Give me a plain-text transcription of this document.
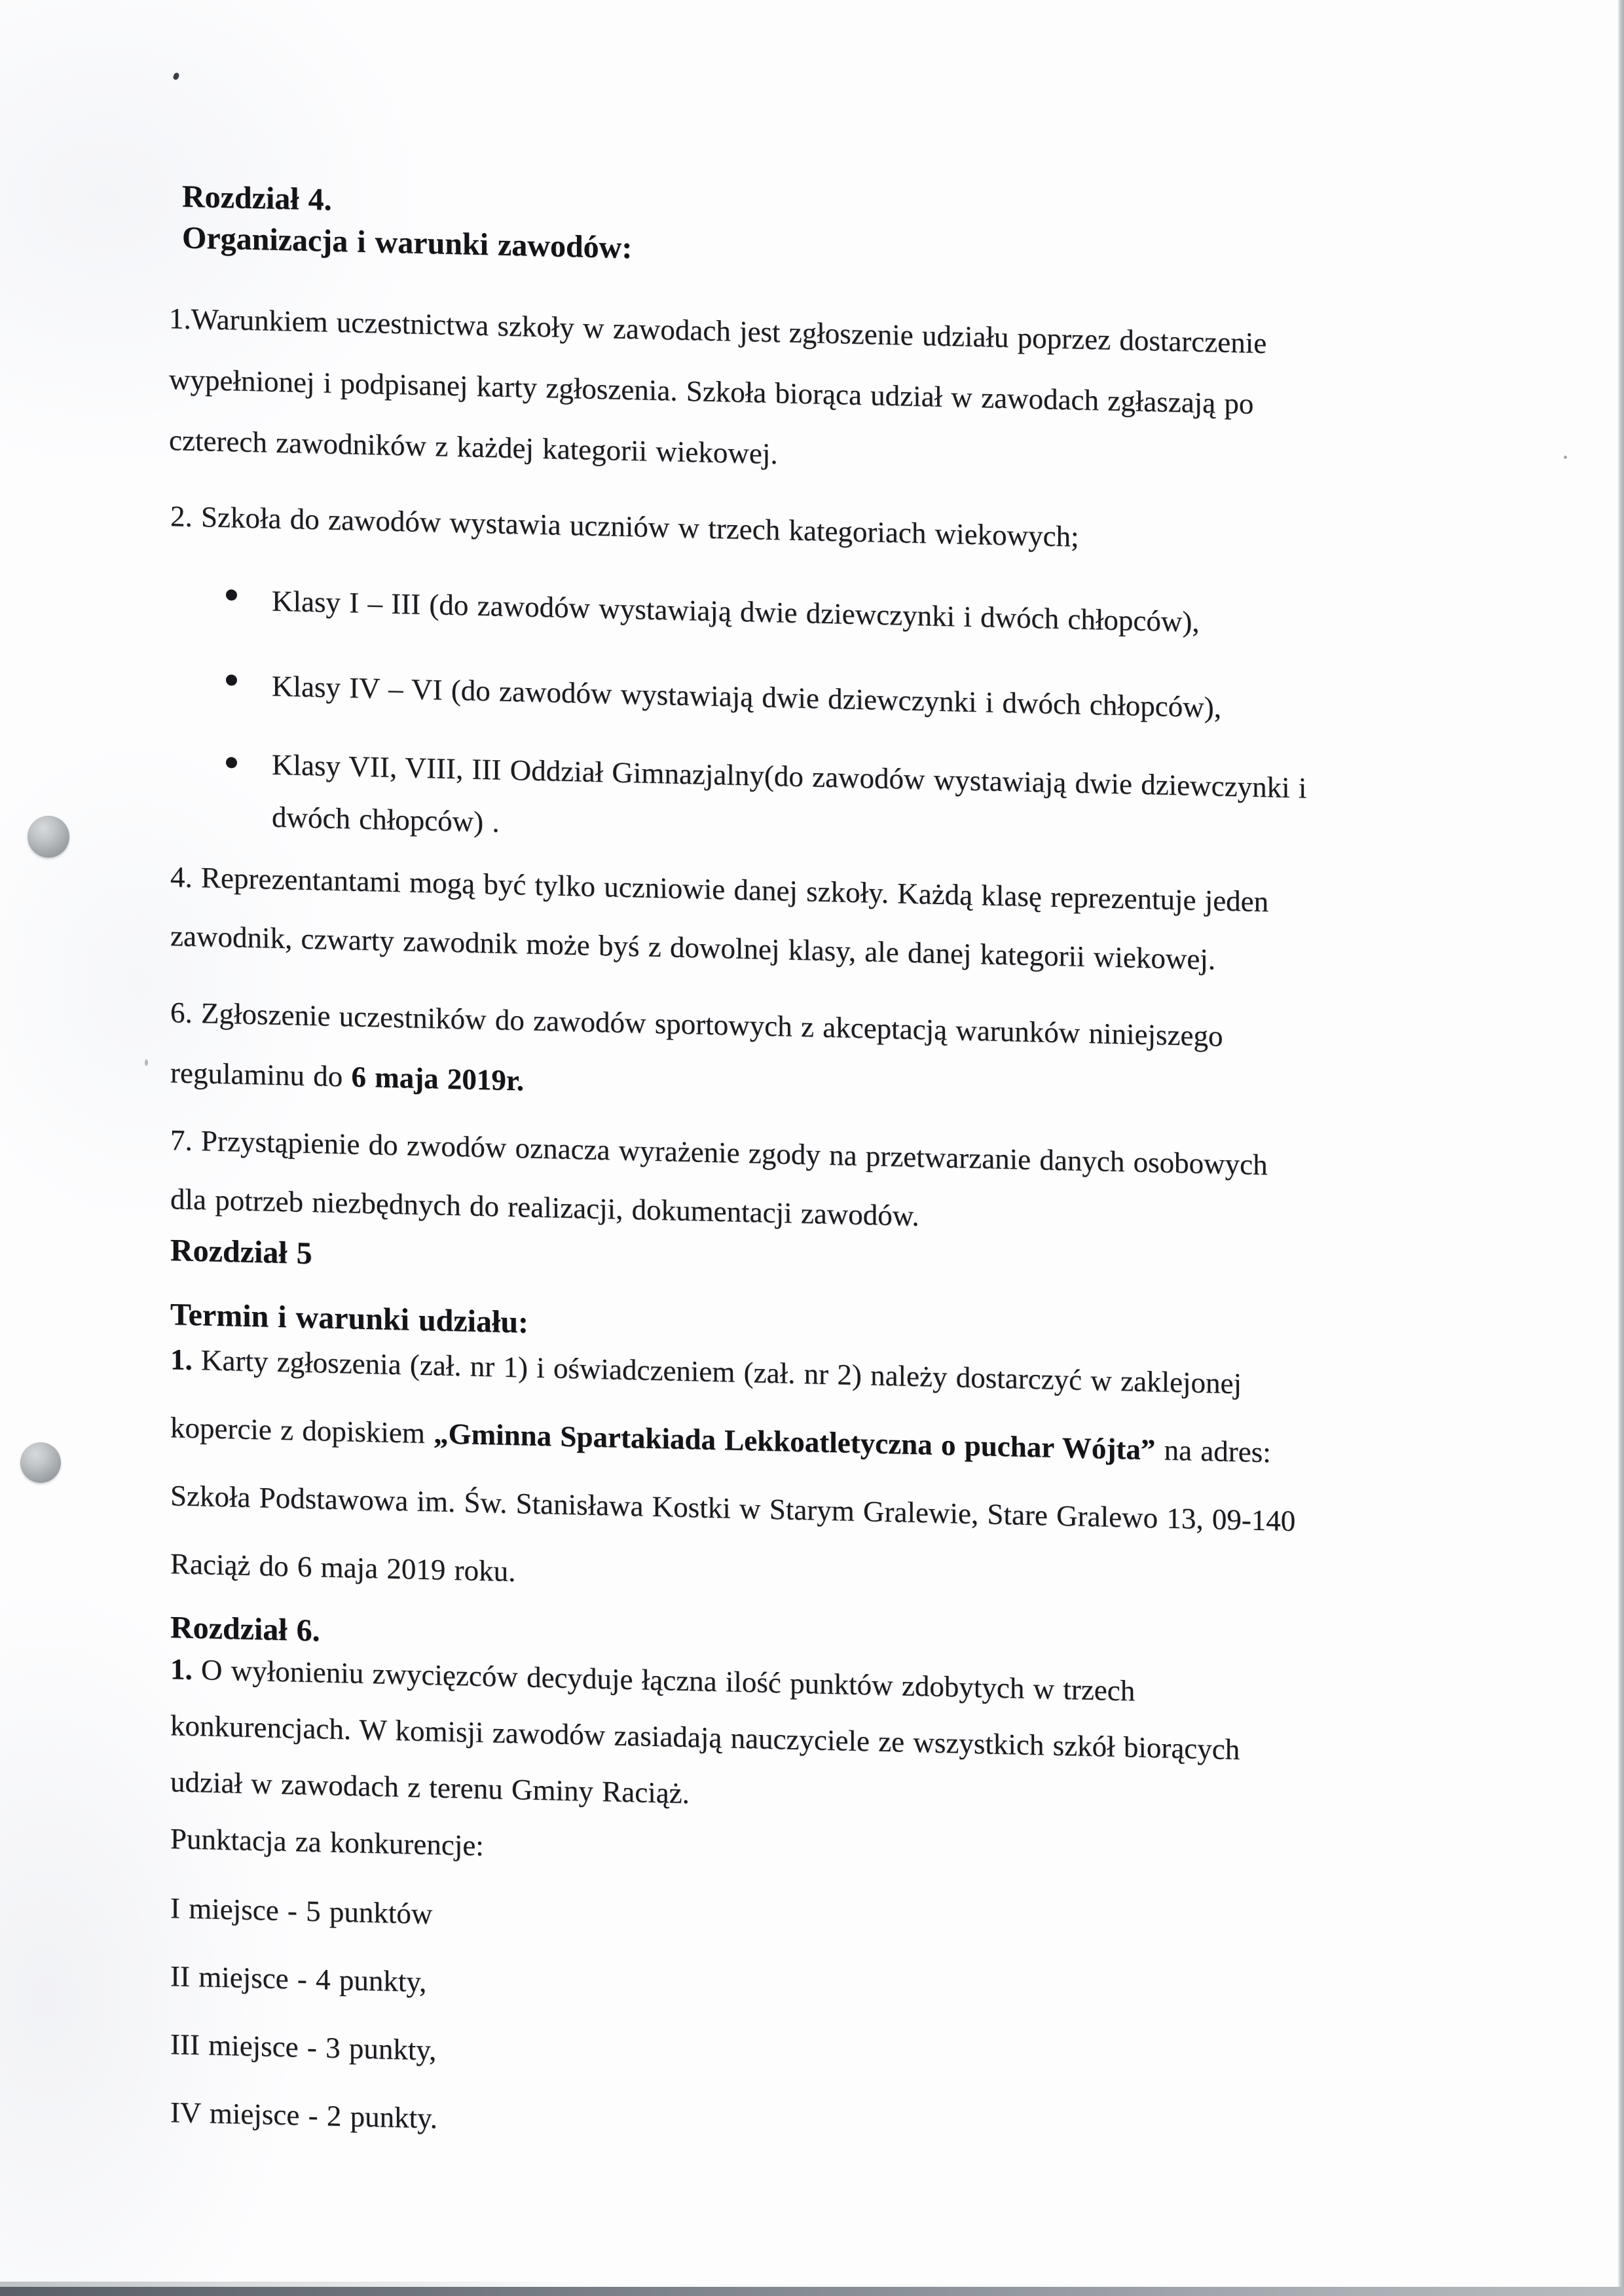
Rozdział 4.
Organizacja i warunki zawodów:
1.Warunkiem uczestnictwa szkoły w zawodach jest zgłoszenie udziału poprzez dostarczenie
wypełnionej i podpisanej karty zgłoszenia. Szkoła biorąca udział w zawodach zgłaszają po
czterech zawodników z każdej kategorii wiekowej.
2. Szkoła do zawodów wystawia uczniów w trzech kategoriach wiekowych;
Klasy I – III (do zawodów wystawiają dwie dziewczynki i dwóch chłopców),
Klasy IV – VI (do zawodów wystawiają dwie dziewczynki i dwóch chłopców),
Klasy VII, VIII, III Oddział Gimnazjalny(do zawodów wystawiają dwie dziewczynki i
dwóch chłopców) .
4. Reprezentantami mogą być tylko uczniowie danej szkoły. Każdą klasę reprezentuje jeden
zawodnik, czwarty zawodnik może byś z dowolnej klasy, ale danej kategorii wiekowej.
6. Zgłoszenie uczestników do zawodów sportowych z akceptacją warunków niniejszego
regulaminu do 6 maja 2019r.
7. Przystąpienie do zwodów oznacza wyrażenie zgody na przetwarzanie danych osobowych
dla potrzeb niezbędnych do realizacji, dokumentacji zawodów.
Rozdział 5
Termin i warunki udziału:
1. Karty zgłoszenia (zał. nr 1) i oświadczeniem (zał. nr 2) należy dostarczyć w zaklejonej
kopercie z dopiskiem „Gminna Spartakiada Lekkoatletyczna o puchar Wójta” na adres:
Szkoła Podstawowa im. Św. Stanisława Kostki w Starym Gralewie, Stare Gralewo 13, 09-140
Raciąż do 6 maja 2019 roku.
Rozdział 6.
1. O wyłonieniu zwycięzców decyduje łączna ilość punktów zdobytych w trzech
konkurencjach. W komisji zawodów zasiadają nauczyciele ze wszystkich szkół biorących
udział w zawodach z terenu Gminy Raciąż.
Punktacja za konkurencje:
I miejsce - 5 punktów
II miejsce - 4 punkty,
III miejsce - 3 punkty,
IV miejsce - 2 punkty.
